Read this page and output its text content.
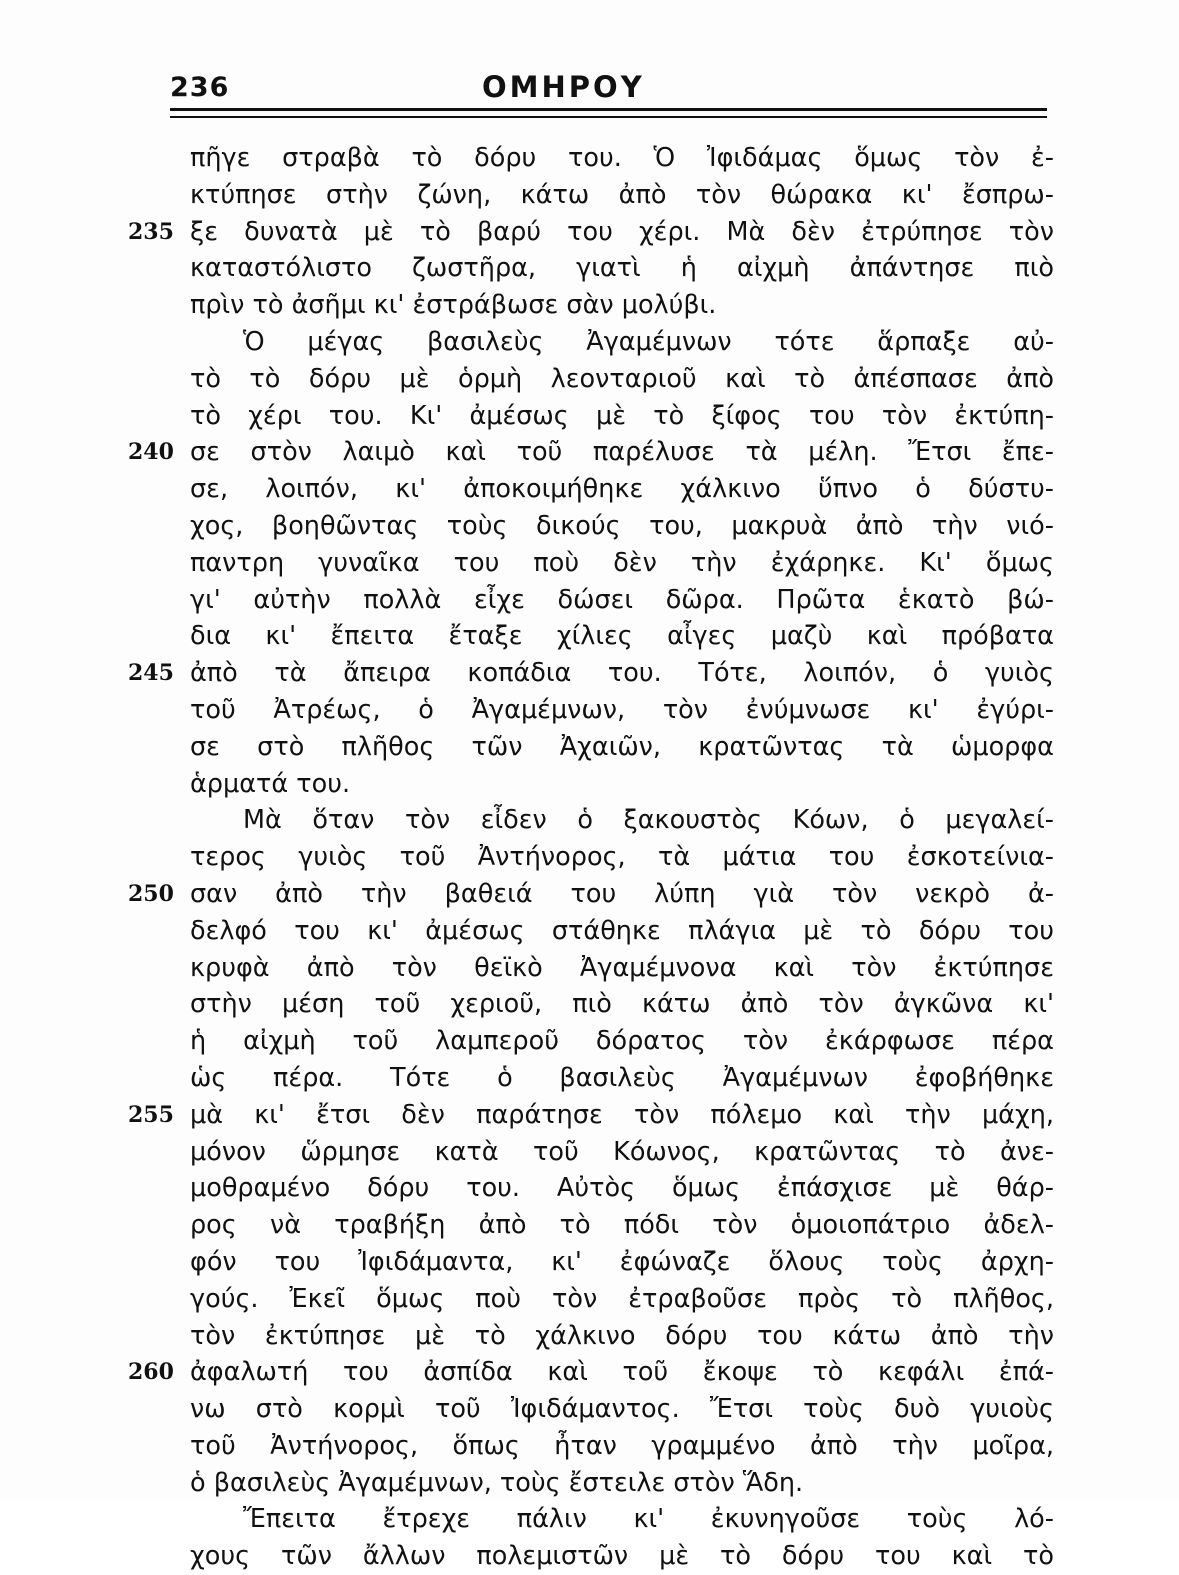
236	ΟΜΗΡΟΥ
πῆγε στραβὰ τὸ δόρυ του. Ὁ Ἰφιδάμας ὅμως τὸν ἐ-
κτύπησε στὴν ζώνη, κάτω ἀπὸ τὸν θώρακα κι' ἔσπρω-
235 ξε δυνατὰ μὲ τὸ βαρύ του χέρι. Μὰ δὲν ἐτρύπησε τὸν
καταστόλιστο ζωστῆρα, γιατὶ ἡ αἰχμὴ ἀπάντησε πιὸ
πρὶν τὸ ἀσῆμι κι' ἐστράβωσε σὰν μολύβι.
Ὁ μέγας βασιλεὺς Ἀγαμέμνων τότε ἅρπαξε αὐ-
τὸ τὸ δόρυ μὲ ὁρμὴ λεονταριοῦ καὶ τὸ ἀπέσπασε ἀπὸ
τὸ χέρι του. Κι' ἀμέσως μὲ τὸ ξίφος του τὸν ἐκτύπη-
240 σε στὸν λαιμὸ καὶ τοῦ παρέλυσε τὰ μέλη. Ἔτσι ἔπε-
σε, λοιπόν, κι' ἀποκοιμήθηκε χάλκινο ὕπνο ὁ δύστυ-
χος, βοηθῶντας τοὺς δικούς του, μακρυὰ ἀπὸ τὴν νιό-
παντρη γυναῖκα του ποὺ δὲν τὴν ἐχάρηκε. Κι' ὅμως
γι' αὐτὴν πολλὰ εἶχε δώσει δῶρα. Πρῶτα ἑκατὸ βώ-
δια κι' ἔπειτα ἔταξε χίλιες αἶγες μαζὺ καὶ πρόβατα
245 ἀπὸ τὰ ἄπειρα κοπάδια του. Τότε, λοιπόν, ὁ γυιὸς
τοῦ Ἀτρέως, ὁ Ἀγαμέμνων, τὸν ἐνύμνωσε κι' ἐγύρι-
σε στὸ πλῆθος τῶν Ἀχαιῶν, κρατῶντας τὰ ὡμορφα
ἁρματά του.
Μὰ ὅταν τὸν εἶδεν ὁ ξακουστὸς Κόων, ὁ μεγαλεί-
τερος γυιὸς τοῦ Ἀντήνορος, τὰ μάτια του ἐσκοτείνια-
250 σαν ἀπὸ τὴν βαθειά του λύπη γιὰ τὸν νεκρὸ ἀ-
δελφό του κι' ἀμέσως στάθηκε πλάγια μὲ τὸ δόρυ του
κρυφὰ ἀπὸ τὸν θεϊκὸ Ἀγαμέμνονα καὶ τὸν ἐκτύπησε
στὴν μέση τοῦ χεριοῦ, πιὸ κάτω ἀπὸ τὸν ἀγκῶνα κι'
ἡ αἰχμὴ τοῦ λαμπεροῦ δόρατος τὸν ἐκάρφωσε πέρα
ὡς πέρα. Τότε ὁ βασιλεὺς Ἀγαμέμνων ἐφοβήθηκε
255 μὰ κι' ἔτσι δὲν παράτησε τὸν πόλεμο καὶ τὴν μάχη,
μόνον ὥρμησε κατὰ τοῦ Κόωνος, κρατῶντας τὸ ἀνε-
μοθραμένο δόρυ του. Αὐτὸς ὅμως ἐπάσχισε μὲ θάρ-
ρος νὰ τραβήξη ἀπὸ τὸ πόδι τὸν ὁμοιοπάτριο ἀδελ-
φόν του Ἰφιδάμαντα, κι' ἐφώναζε ὅλους τοὺς ἀρχη-
γούς. Ἐκεῖ ὅμως ποὺ τὸν ἐτραβοῦσε πρὸς τὸ πλῆθος,
τὸν ἐκτύπησε μὲ τὸ χάλκινο δόρυ του κάτω ἀπὸ τὴν
260 ἀφαλωτή του ἀσπίδα καὶ τοῦ ἔκοψε τὸ κεφάλι ἐπά-
νω στὸ κορμὶ τοῦ Ἰφιδάμαντος. Ἔτσι τοὺς δυὸ γυιοὺς
τοῦ Ἀντήνορος, ὅπως ἦταν γραμμένο ἀπὸ τὴν μοῖρα,
ὁ βασιλεὺς Ἀγαμέμνων, τοὺς ἔστειλε στὸν Ἅδη.
Ἔπειτα ἔτρεχε πάλιν κι' ἐκυνηγοῦσε τοὺς λό-
χους τῶν ἄλλων πολεμιστῶν μὲ τὸ δόρυ του καὶ τὸ
